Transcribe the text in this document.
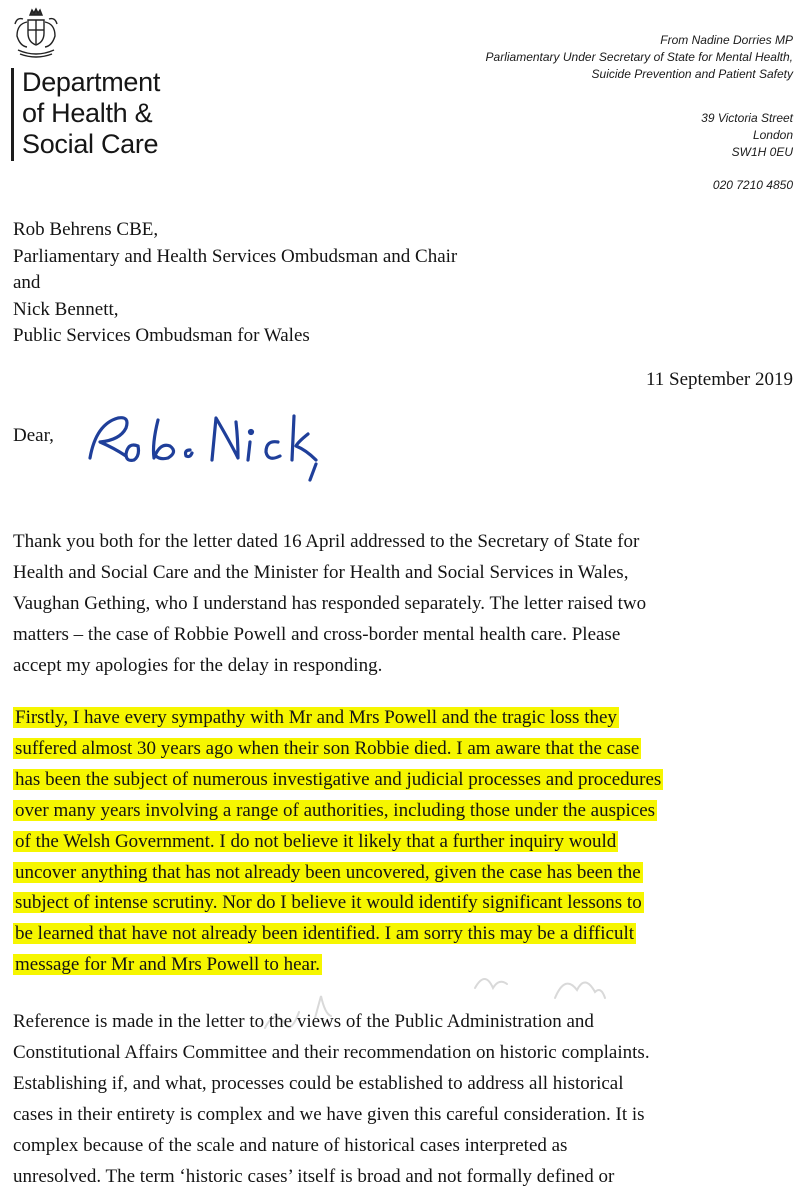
Department
of Health &
Social Care
From Nadine Dorries MP
Parliamentary Under Secretary of State for Mental Health,
Suicide Prevention and Patient Safety
39 Victoria Street
London
SW1H 0EU
020 7210 4850
Rob Behrens CBE,
Parliamentary and Health Services Ombudsman and Chair
and
Nick Bennett,
Public Services Ombudsman for Wales
11 September 2019
Dear,
Thank you both for the letter dated 16 April addressed to the Secretary of State for
Health and Social Care and the Minister for Health and Social Services in Wales,
Vaughan Gething, who I understand has responded separately. The letter raised two
matters – the case of Robbie Powell and cross-border mental health care. Please
accept my apologies for the delay in responding.
Firstly, I have every sympathy with Mr and Mrs Powell and the tragic loss they
suffered almost 30 years ago when their son Robbie died. I am aware that the case
has been the subject of numerous investigative and judicial processes and procedures
over many years involving a range of authorities, including those under the auspices
of the Welsh Government. I do not believe it likely that a further inquiry would
uncover anything that has not already been uncovered, given the case has been the
subject of intense scrutiny. Nor do I believe it would identify significant lessons to
be learned that have not already been identified. I am sorry this may be a difficult
message for Mr and Mrs Powell to hear.
Reference is made in the letter to the views of the Public Administration and
Constitutional Affairs Committee and their recommendation on historic complaints.
Establishing if, and what, processes could be established to address all historical
cases in their entirety is complex and we have given this careful consideration. It is
complex because of the scale and nature of historical cases interpreted as
unresolved. The term ‘historic cases’ itself is broad and not formally defined or
